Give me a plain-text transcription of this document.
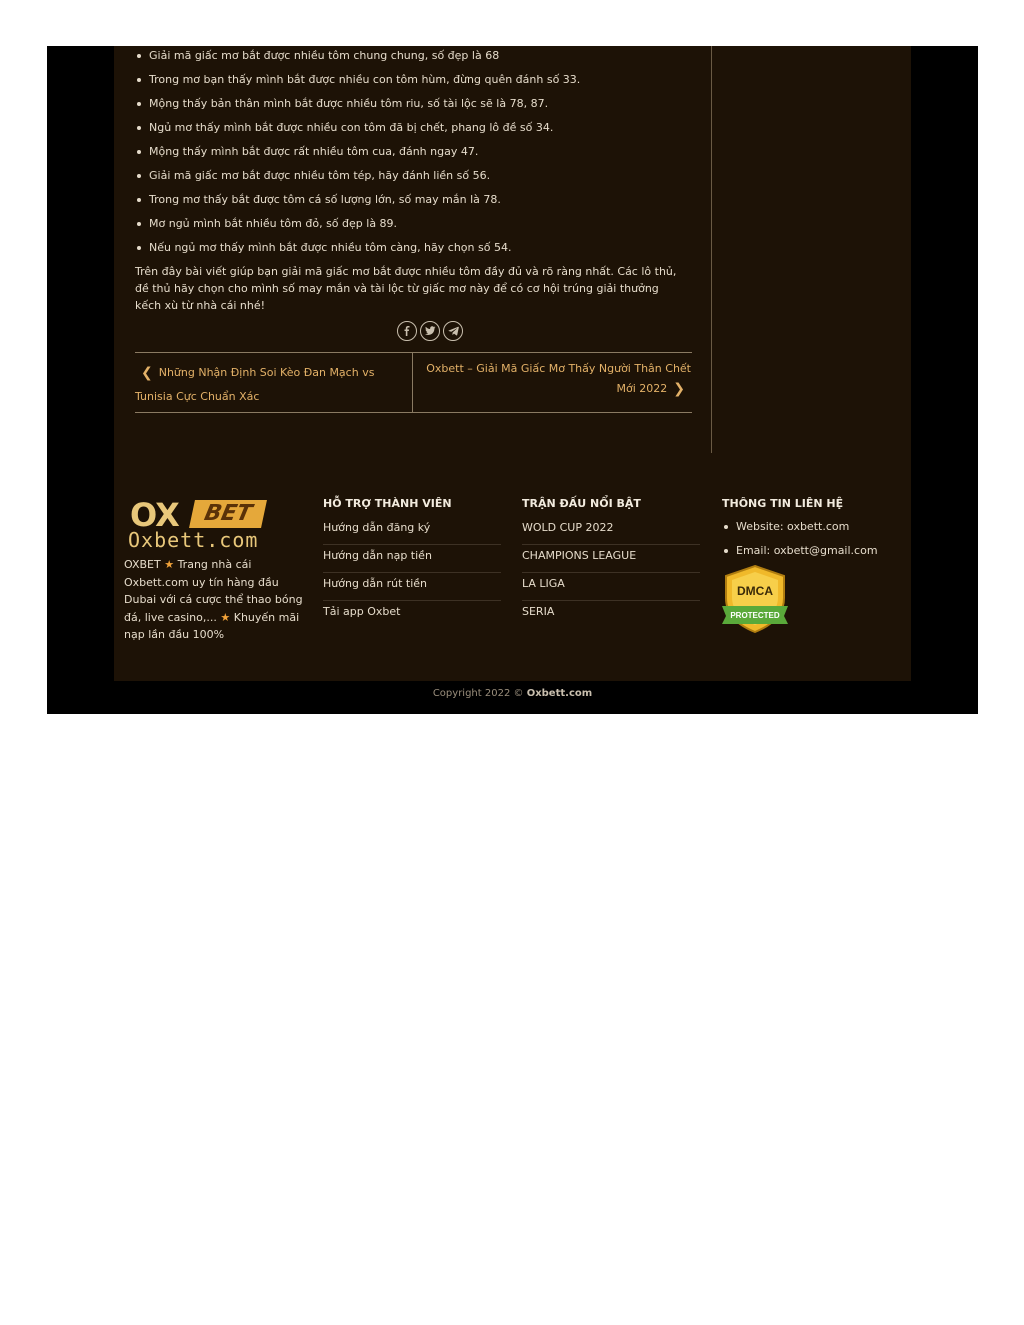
Giải mã giấc mơ bắt được nhiều tôm chung chung, số đẹp là 68
Trong mơ bạn thấy mình bắt được nhiều con tôm hùm, đừng quên đánh số 33.
Mộng thấy bản thân mình bắt được nhiều tôm riu, số tài lộc sẽ là 78, 87.
Ngủ mơ thấy mình bắt được nhiều con tôm đã bị chết, phang lô đề số 34.
Mộng thấy mình bắt được rất nhiều tôm cua, đánh ngay 47.
Giải mã giấc mơ bắt được nhiều tôm tép, hãy đánh liền số 56.
Trong mơ thấy bắt được tôm cá số lượng lớn, số may mắn là 78.
Mơ ngủ mình bắt nhiều tôm đỏ, số đẹp là 89.
Nếu ngủ mơ thấy mình bắt được nhiều tôm càng, hãy chọn số 54.

Trên đây bài viết giúp bạn giải mã giấc mơ bắt được nhiều tôm đầy đủ và rõ ràng nhất. Các lô thủ, đề thủ hãy chọn cho mình số may mắn và tài lộc từ giấc mơ này để có cơ hội trúng giải thưởng kếch xù từ nhà cái nhé!

❮ Những Nhận Định Soi Kèo Đan Mạch vs Tunisia Cực Chuẩn Xác
Oxbett – Giải Mã Giấc Mơ Thấy Người Thân Chết Mới 2022 ❯
OX	BET
Oxbett.com

OXBET ★ Trang nhà cái Oxbett.com uy tín hàng đầu Dubai với cá cược thể thao bóng đá, live casino,... ★ Khuyến mãi nạp lần đầu 100%

HỖ TRỢ THÀNH VIÊN
Hướng dẫn đăng ký
Hướng dẫn nạp tiền
Hướng dẫn rút tiền
Tải app Oxbet
TRẬN ĐẤU NỔI BẬT
WOLD CUP 2022
CHAMPIONS LEAGUE
LA LIGA
SERIA
THÔNG TIN LIÊN HỆ
Website: oxbett.com
Email: oxbett@gmail.com
DMCA
PROTECTED
Copyright 2022 © Oxbett.com
